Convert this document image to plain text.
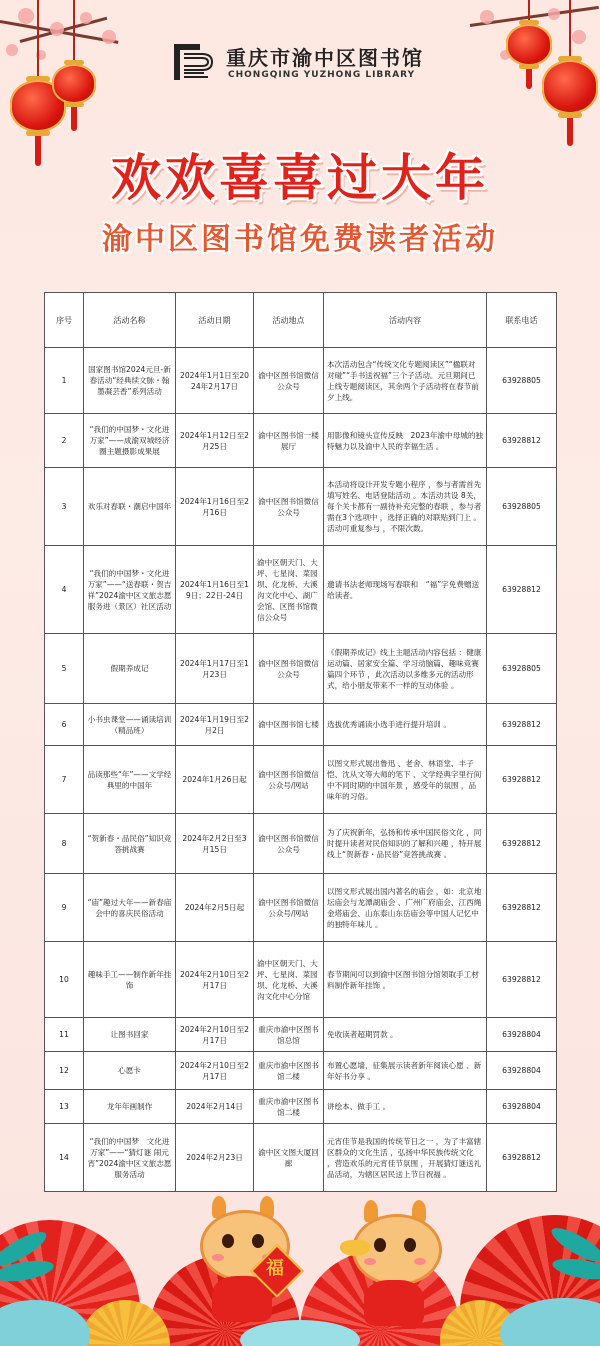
重庆市渝中区图书馆
CHONGQING YUZHONG LIBRARY
欢欢喜喜过大年
渝中区图书馆免费读者活动
序号	活动名称	活动日期	活动地点	活动内容	联系电话
1	国家图书馆2024元旦-新春活动“经典续文脉・翰墨凝芸香”系列活动	2024年1月1日至2024年2月17日	渝中区图书馆微信公众号	本次活动包含“传统文化专题阅读区”“楹联对对碰”“手书送祝福”三个子活动。元旦期间已上线专题阅读区，其余两个子活动将在春节前夕上线。	63928805
2	“我们的中国梦・文化进万家”——成渝双城经济圈主题摄影成果展	2024年1月12日至2月25日	渝中区图书馆一楼展厅	用影像和镜头宣传反映　2023年渝中母城的独特魅力以及渝中人民的幸福生活 。	63928812
3	欢乐对春联・潮启中国年	2024年1月16日至2月16日	渝中区图书馆微信公众号	本活动将设计开发专题小程序 ，参与者需首先填写姓名、电话登陆活动 。本活动共设 8关，每个关卡都有一副待补充完整的春联 ，参与者需在3个选项中 ，选择正确的对联贴到门上 。活动可重复参与 ，不限次数。	63928805
4	“我们的中国梦・文化进万家”——“送春联・贺吉祥”2024渝中区文旅志愿服务进（景区）社区活动	2024年1月16日至19日；22日-24日	渝中区朝天门、大坪、七星岗、菜园坝、化龙桥、大溪沟文化中心、湖广会馆、区图书馆微信公众号	邀请书法老师现场写春联和　“福”字免费赠送给读者。	63928812
5	假期养成记	2024年1月17日至1月23日	渝中区图书馆微信公众号	《假期养成记》线上主题活动内容包括 ：健康运动篇、居家安全篇、学习动脑篇、趣味竞赛篇四个环节 ，此次活动以多维多元的活动形式，给小朋友带来不一样的互动体验 。	63928805
6	小书虫课堂——诵读培训（精品班）	2024年1月19日至2月2日	渝中区图书馆七楼	选拔优秀诵读小选手进行提升培训 。	63928812
7	品读那些“年”——文学经典里的中国年	2024年1月26日起	渝中区图书馆微信公众号/网站	以图文形式展出鲁迅 、老舍、林语堂、丰子恺、沈从文等大师的笔下 、文学经典字里行间中不同时期的中国年景 ，感受年的氛围 ，品味年的习俗。	63928812
8	“贺新春・品民俗”知识竞答挑战赛	2024年2月2日至3月15日	渝中区图书馆微信公众号	为了庆祝新年，弘扬和传承中国民俗文化 ，同时提升读者对民俗知识的了解和兴趣 ，特开展线上“贺新春・品民俗”竞答挑战赛 。	63928812
9	“庙”趣过大年——新春庙会中的喜庆民俗活动	2024年2月5日起	渝中区图书馆微信公众号/网站	以图文形式展出国内著名的庙会 ，如：北京地坛庙会与龙潭湖庙会 、广州广府庙会、江西绳金塔庙会、山东泰山东岳庙会等中国人记忆中的独特年味儿 。	63928812
10	趣味手工——制作新年挂饰	2024年2月10日至2月17日	渝中区朝天门、大坪、七星岗、菜园坝、化龙桥、大溪沟文化中心分馆	春节期间可以到渝中区图书馆分馆领取手工材料制作新年挂饰 。	63928812
11	让图书回家	2024年2月10日至2月17日	重庆市渝中区图书馆总馆	免收读者超期罚款 。	63928804
12	心愿卡	2024年2月10日至2月17日	重庆市渝中区图书馆二楼	布置心愿墙，征集展示读者新年阅读心愿 、新年好书分享 。	63928804
13	龙年年画制作	2024年2月14日	重庆市渝中区图书馆二楼	讲绘本、做手工 。	63928804
14	“我们的中国梦　文化进万家”——“猜灯谜 闹元宵”2024渝中区文旅志愿服务活动	2024年2月23日	渝中区文图大厦回廊	元宵佳节是我国的传统节日之一 ，为了丰富辖区群众的文化生活 ，弘扬中华民族传统文化 ，营造欢乐的元宵佳节氛围 ，开展猜灯谜送礼品活动，为辖区居民送上节日祝福 。	63928812
福
